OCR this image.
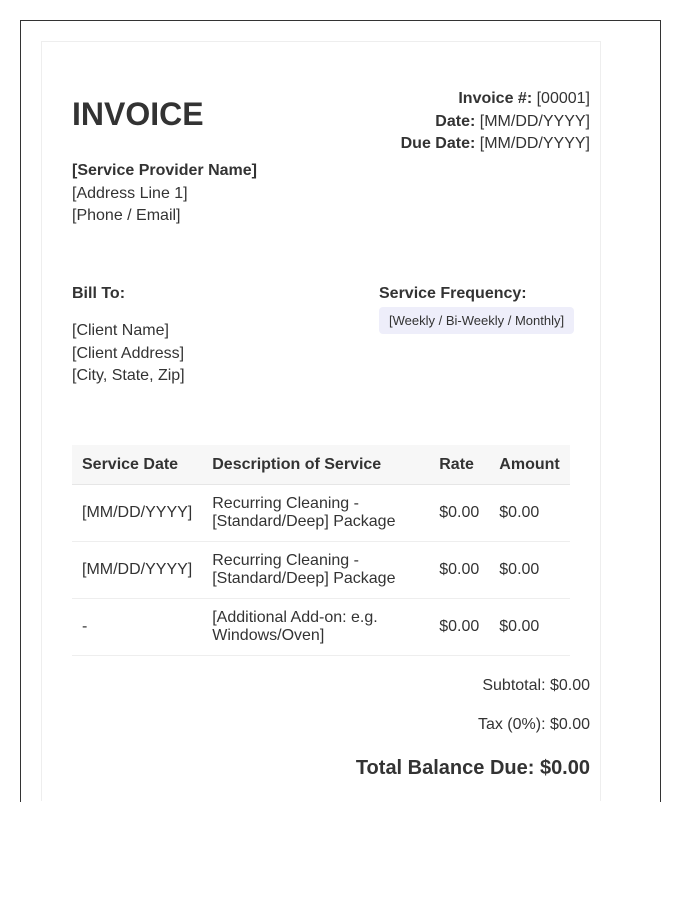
INVOICE	Invoice #: [00001]
Date: [MM/DD/YYYY]
Due Date: [MM/DD/YYYY]
[Service Provider Name]
[Address Line 1]
[Phone / Email]
Bill To:
[Client Name]
[Client Address]
[City, State, Zip]
Service Frequency:
[Weekly / Bi-Weekly / Monthly]
Service Date	Description of Service	Rate	Amount
[MM/DD/YYYY]	Recurring Cleaning - [Standard/Deep] Package	$0.00	$0.00
[MM/DD/YYYY]	Recurring Cleaning - [Standard/Deep] Package	$0.00	$0.00
-	[Additional Add-on: e.g. Windows/Oven]	$0.00	$0.00
Subtotal: $0.00
Tax (0%): $0.00
Total Balance Due: $0.00
